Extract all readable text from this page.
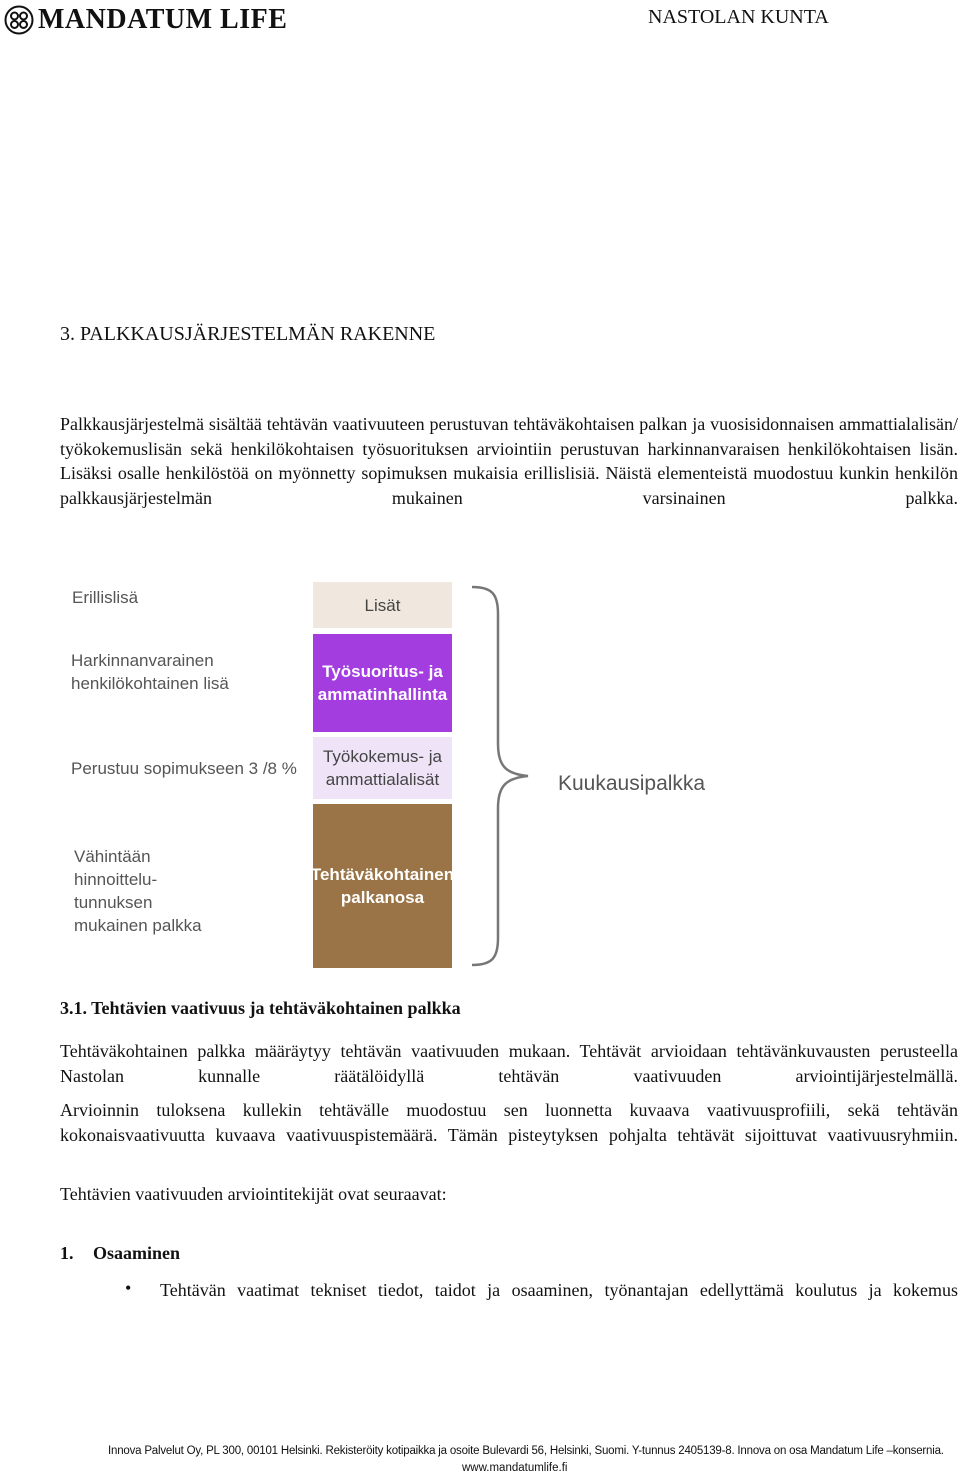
MANDATUM LIFE	NASTOLAN KUNTA
3. PALKKAUSJÄRJESTELMÄN RAKENNE
Palkkausjärjestelmä sisältää tehtävän vaativuuteen perustuvan tehtäväkohtaisen palkan ja vuosisidonnaisen ammattialalisän/ työkokemuslisän sekä henkilökohtaisen työsuorituksen arviointiin perustuvan harkinnanvaraisen henkilökohtaisen lisän. Lisäksi osalle henkilöstöä on myönnetty sopimuksen mukaisia erillislisiä. Näistä elementeistä muodostuu kunkin henkilön palkkausjärjestelmän mukainen varsinainen palkka.
Erillislisä
Harkinnanvarainen
henkilökohtainen lisä
Perustuu sopimukseen 3 /8 %
Vähintään
hinnoittelu-
tunnuksen
mukainen palkka
Lisät
Työsuoritus- ja
ammatinhallinta
Työkokemus- ja
ammattialalisät
Tehtäväkohtainen
palkanosa
Kuukausipalkka
3.1. Tehtävien vaativuus ja tehtäväkohtainen palkka
Tehtäväkohtainen palkka määräytyy tehtävän vaativuuden mukaan. Tehtävät arvioidaan tehtävänkuvausten perusteella Nastolan kunnalle räätälöidyllä tehtävän vaativuuden arviointijärjestelmällä.
Arvioinnin tuloksena kullekin tehtävälle muodostuu sen luonnetta kuvaava vaativuusprofiili, sekä tehtävän kokonaisvaativuutta kuvaava vaativuuspistemäärä. Tämän pisteytyksen pohjalta tehtävät sijoittuvat vaativuusryhmiin.
Tehtävien vaativuuden arviointitekijät ovat seuraavat:
1. Osaaminen
• Tehtävän vaatimat tekniset tiedot, taidot ja osaaminen, työnantajan edellyttämä koulutus ja kokemus
Innova Palvelut Oy, PL 300, 00101 Helsinki. Rekisteröity kotipaikka ja osoite Bulevardi 56, Helsinki, Suomi. Y-tunnus 2405139-8. Innova on osa Mandatum Life –konsernia.
www.mandatumlife.fi
